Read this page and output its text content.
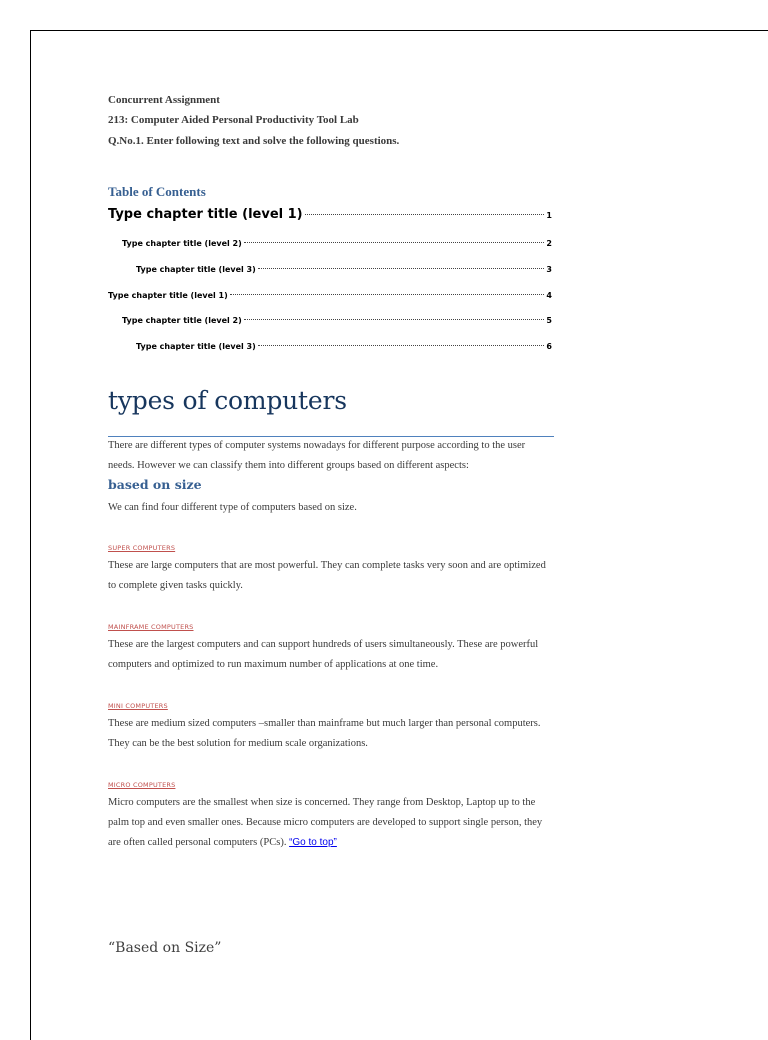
Concurrent Assignment
213: Computer Aided Personal Productivity Tool Lab
Q.No.1. Enter following text and solve the following questions.
Table of Contents
Type chapter title (level 1)	1
Type chapter title (level 2)	2
Type chapter title (level 3)	3
Type chapter title (level 1)	4
Type chapter title (level 2)	5
Type chapter title (level 3)	6
types of computers
There are different types of computer systems nowadays for different purpose according to the user needs. However we can classify them into different groups based on different aspects:
based on size
We can find four different type of computers based on size.
SUPER COMPUTERS
These are large computers that are most powerful. They can complete tasks very soon and are optimized to complete given tasks quickly.
MAINFRAME COMPUTERS
These are the largest computers and can support hundreds of users simultaneously. These are powerful computers and optimized to run maximum number of applications at one time.
MINI COMPUTERS
These are medium sized computers –smaller than mainframe but much larger than personal computers. They can be the best solution for medium scale organizations.
MICRO COMPUTERS
Micro computers are the smallest when size is concerned. They range from Desktop, Laptop up to the palm top and even smaller ones. Because micro computers are developed to support single person, they are often called personal computers (PCs). “Go to top”
“Based on Size”
